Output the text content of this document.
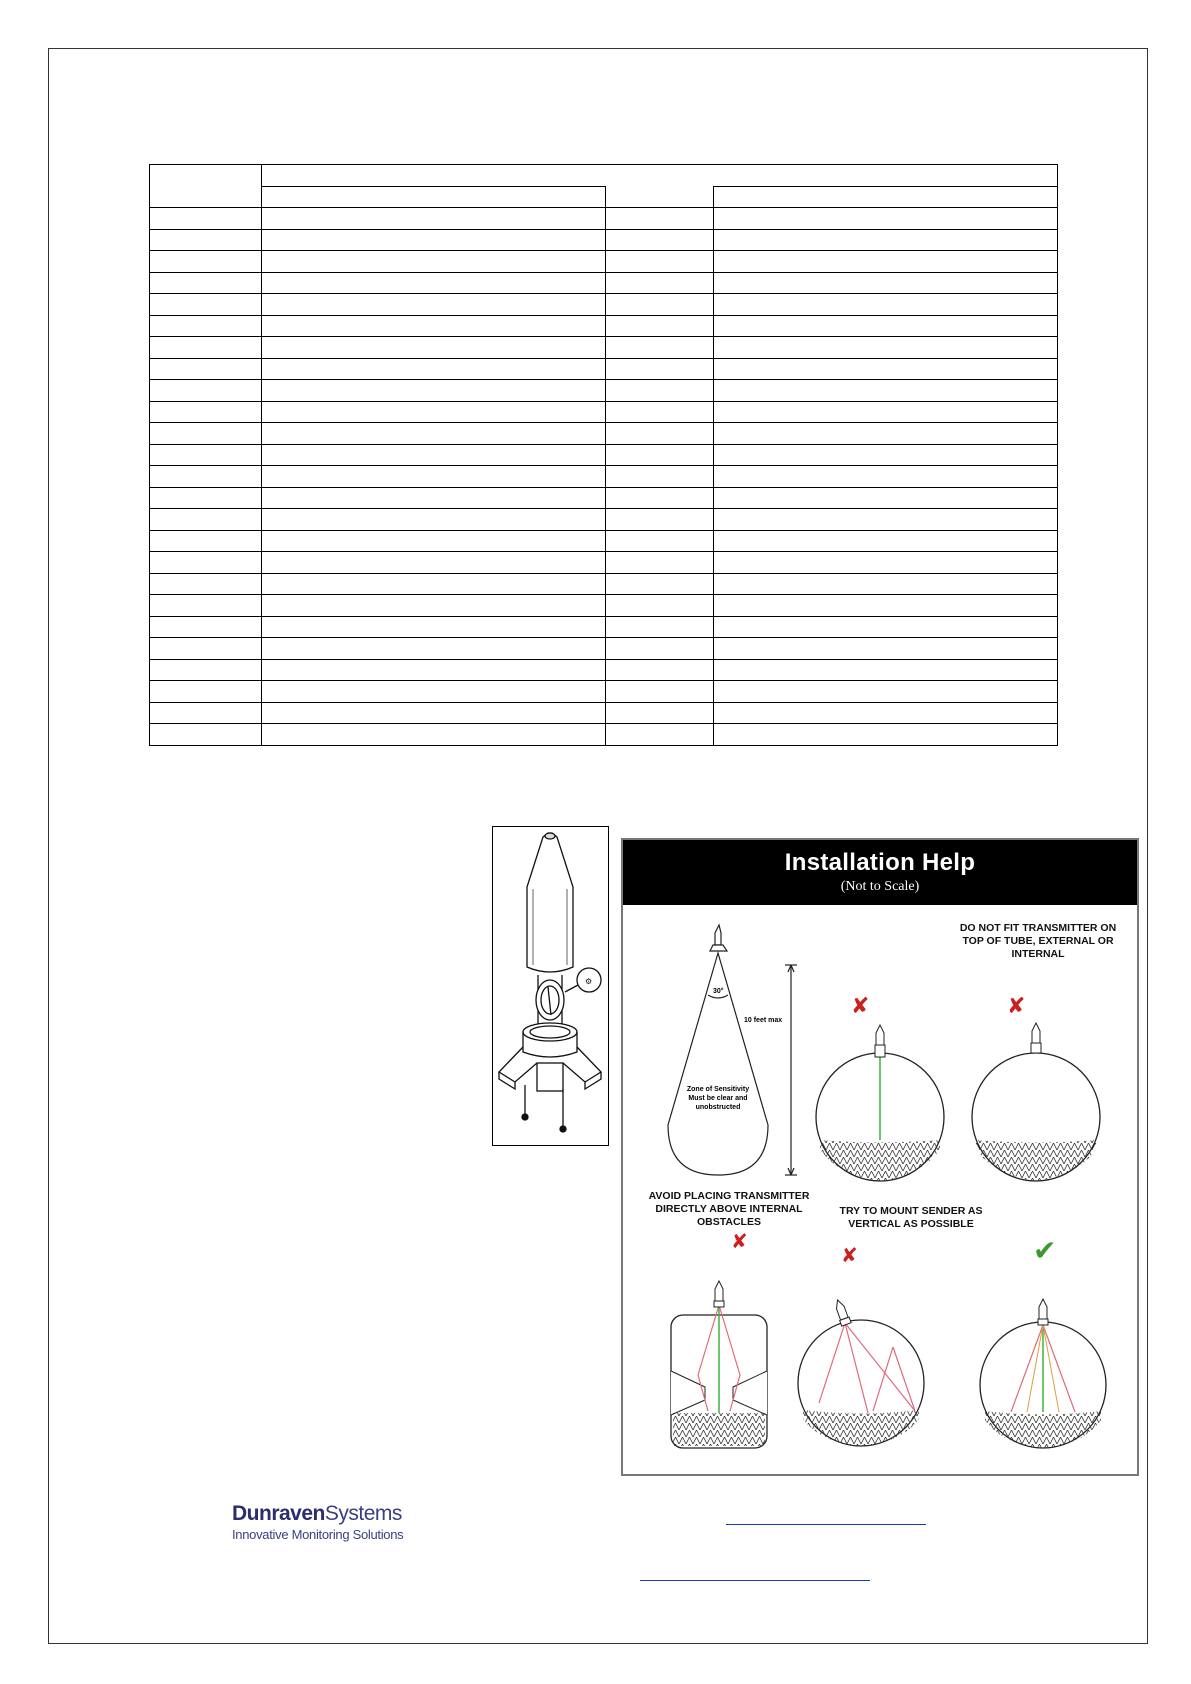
⚙
Installation Help
(Not to Scale)
30°
10 feet max
Zone of Sensitivity Must be clear and unobstructed
✘	✘
✘
✘	✔
DO NOT FIT TRANSMITTER ON TOP OF TUBE, EXTERNAL OR INTERNAL
AVOID PLACING TRANSMITTER DIRECTLY ABOVE INTERNAL OBSTACLES
TRY TO MOUNT SENDER AS VERTICAL AS POSSIBLE
DunravenSystems
Innovative Monitoring Solutions
